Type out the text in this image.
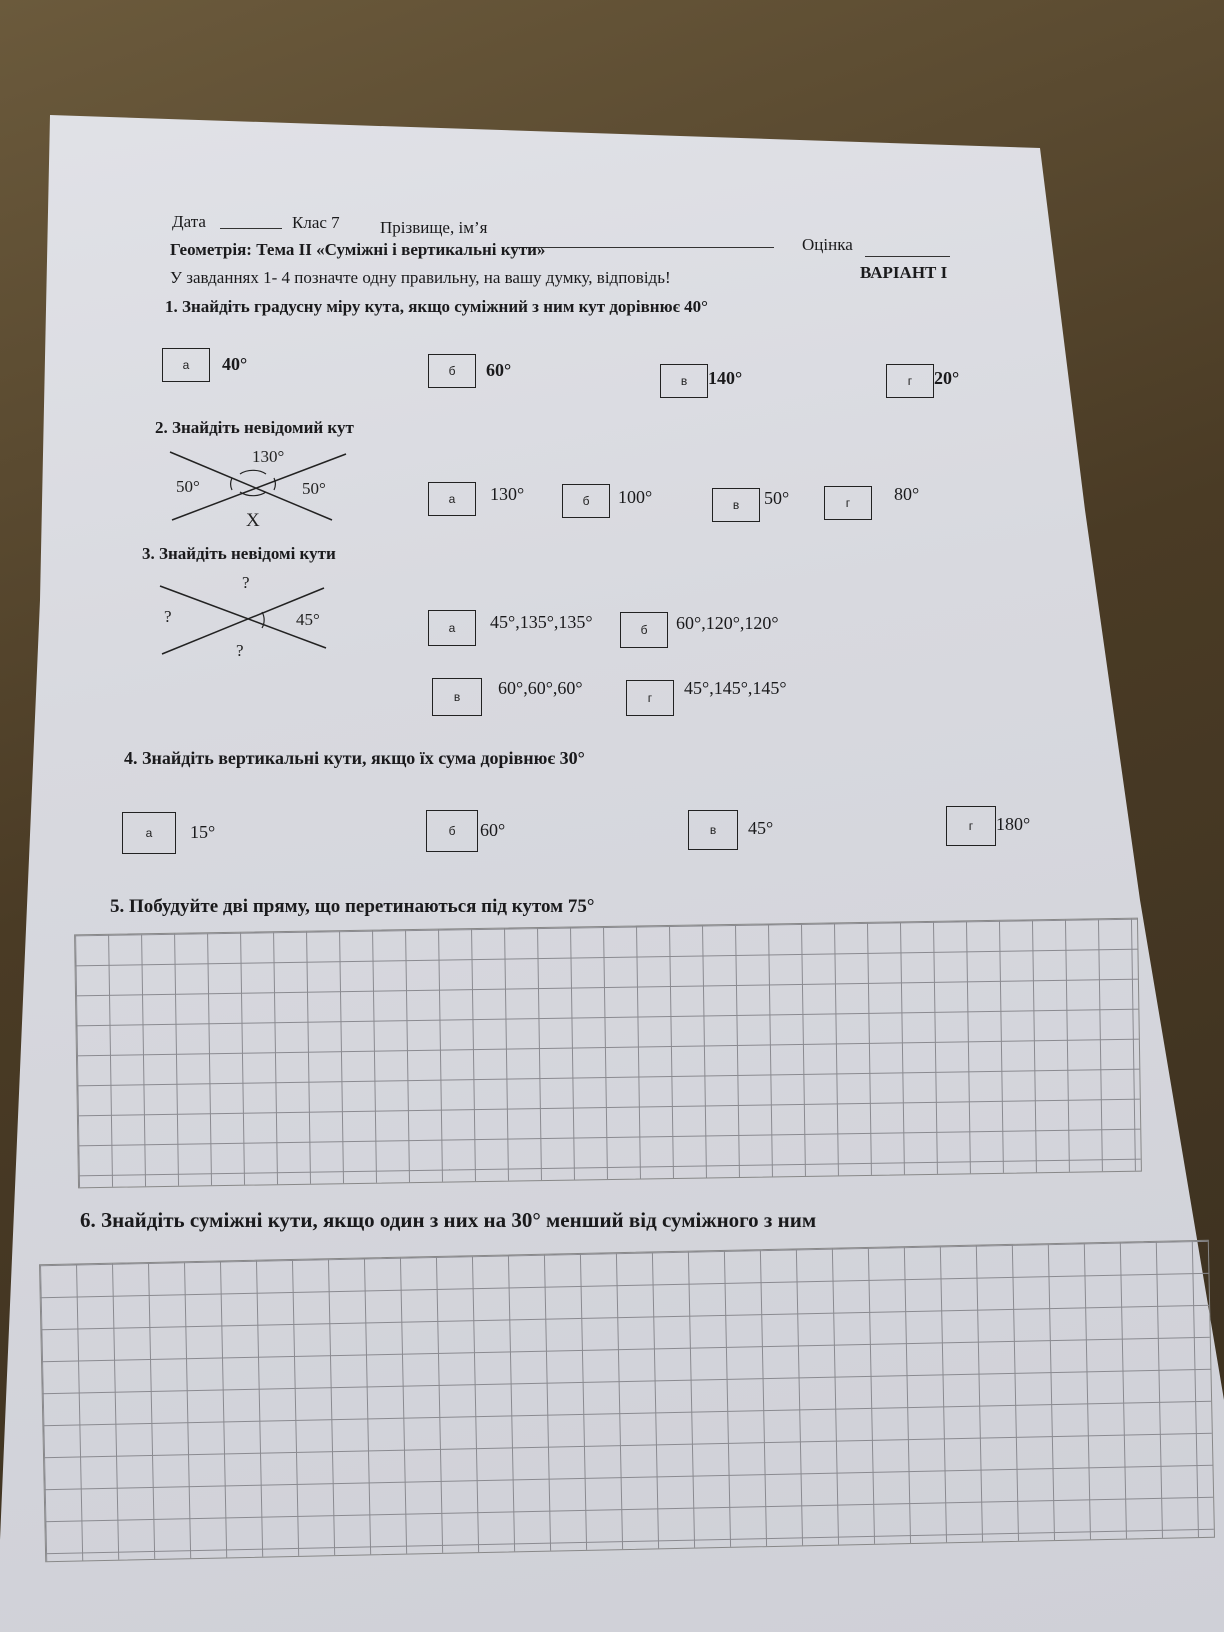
Дата	Клас 7 Прізвище, ім’я
Оцінка
Геометрія: Тема II «Суміжні і вертикальні кути»
ВАРІАНТ І
У завданнях 1- 4 позначте одну правильну, на вашу думку, відповідь!
1. Знайдіть градусну міру кута, якщо суміжний з ним кут дорівнює 40°
а	40°	б	60°
в	140°	г	20°
2. Знайдіть невідомий кут
130°
50°	50°
X
а	130°	б	100°	в	50°	г	80°
3. Знайдіть невідомі кути
?
?	45°
?
а	45°,135°,135°	б	60°,120°,120°
в	60°,60°,60°	г	45°,145°,145°
4. Знайдіть вертикальні кути, якщо їх сума дорівнює 30°
а	15°	б	60°	в	45°	г	180°
5. Побудуйте дві пряму, що перетинаються під кутом 75°
6. Знайдіть суміжні кути, якщо один з них на 30° менший від суміжного з ним
